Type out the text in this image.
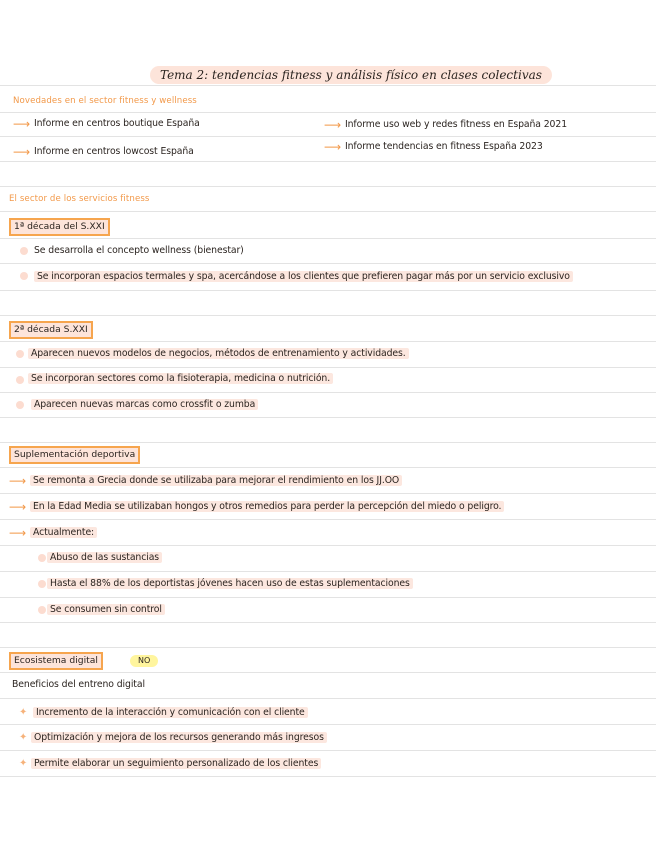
Tema 2: tendencias fitness y análisis físico en clases colectivas
Novedades en el sector fitness y wellness
⟶ Informe en centros boutique España	⟶ Informe uso web y redes fitness en España 2021
⟶ Informe en centros lowcost España	⟶ Informe tendencias en fitness España 2023
El sector de los servicios fitness
1ª década del S.XXI
Se desarrolla el concepto wellness (bienestar)
Se incorporan espacios termales y spa, acercándose a los clientes que prefieren pagar más por un servicio exclusivo
2ª década S.XXI
Aparecen nuevos modelos de negocios, métodos de entrenamiento y actividades.
Se incorporan sectores como la fisioterapia, medicina o nutrición.
Aparecen nuevas marcas como crossfit o zumba
Suplementación deportiva
⟶ Se remonta a Grecia donde se utilizaba para mejorar el rendimiento en los JJ.OO
⟶ En la Edad Media se utilizaban hongos y otros remedios para perder la percepción del miedo o peligro.
⟶ Actualmente:
Abuso de las sustancias
Hasta el 88% de los deportistas jóvenes hacen uso de estas suplementaciones
Se consumen sin control
Ecosistema digital	NO
Beneficios del entreno digital
✦ Incremento de la interacción y comunicación con el cliente
✦ Optimización y mejora de los recursos generando más ingresos
✦ Permite elaborar un seguimiento personalizado de los clientes
